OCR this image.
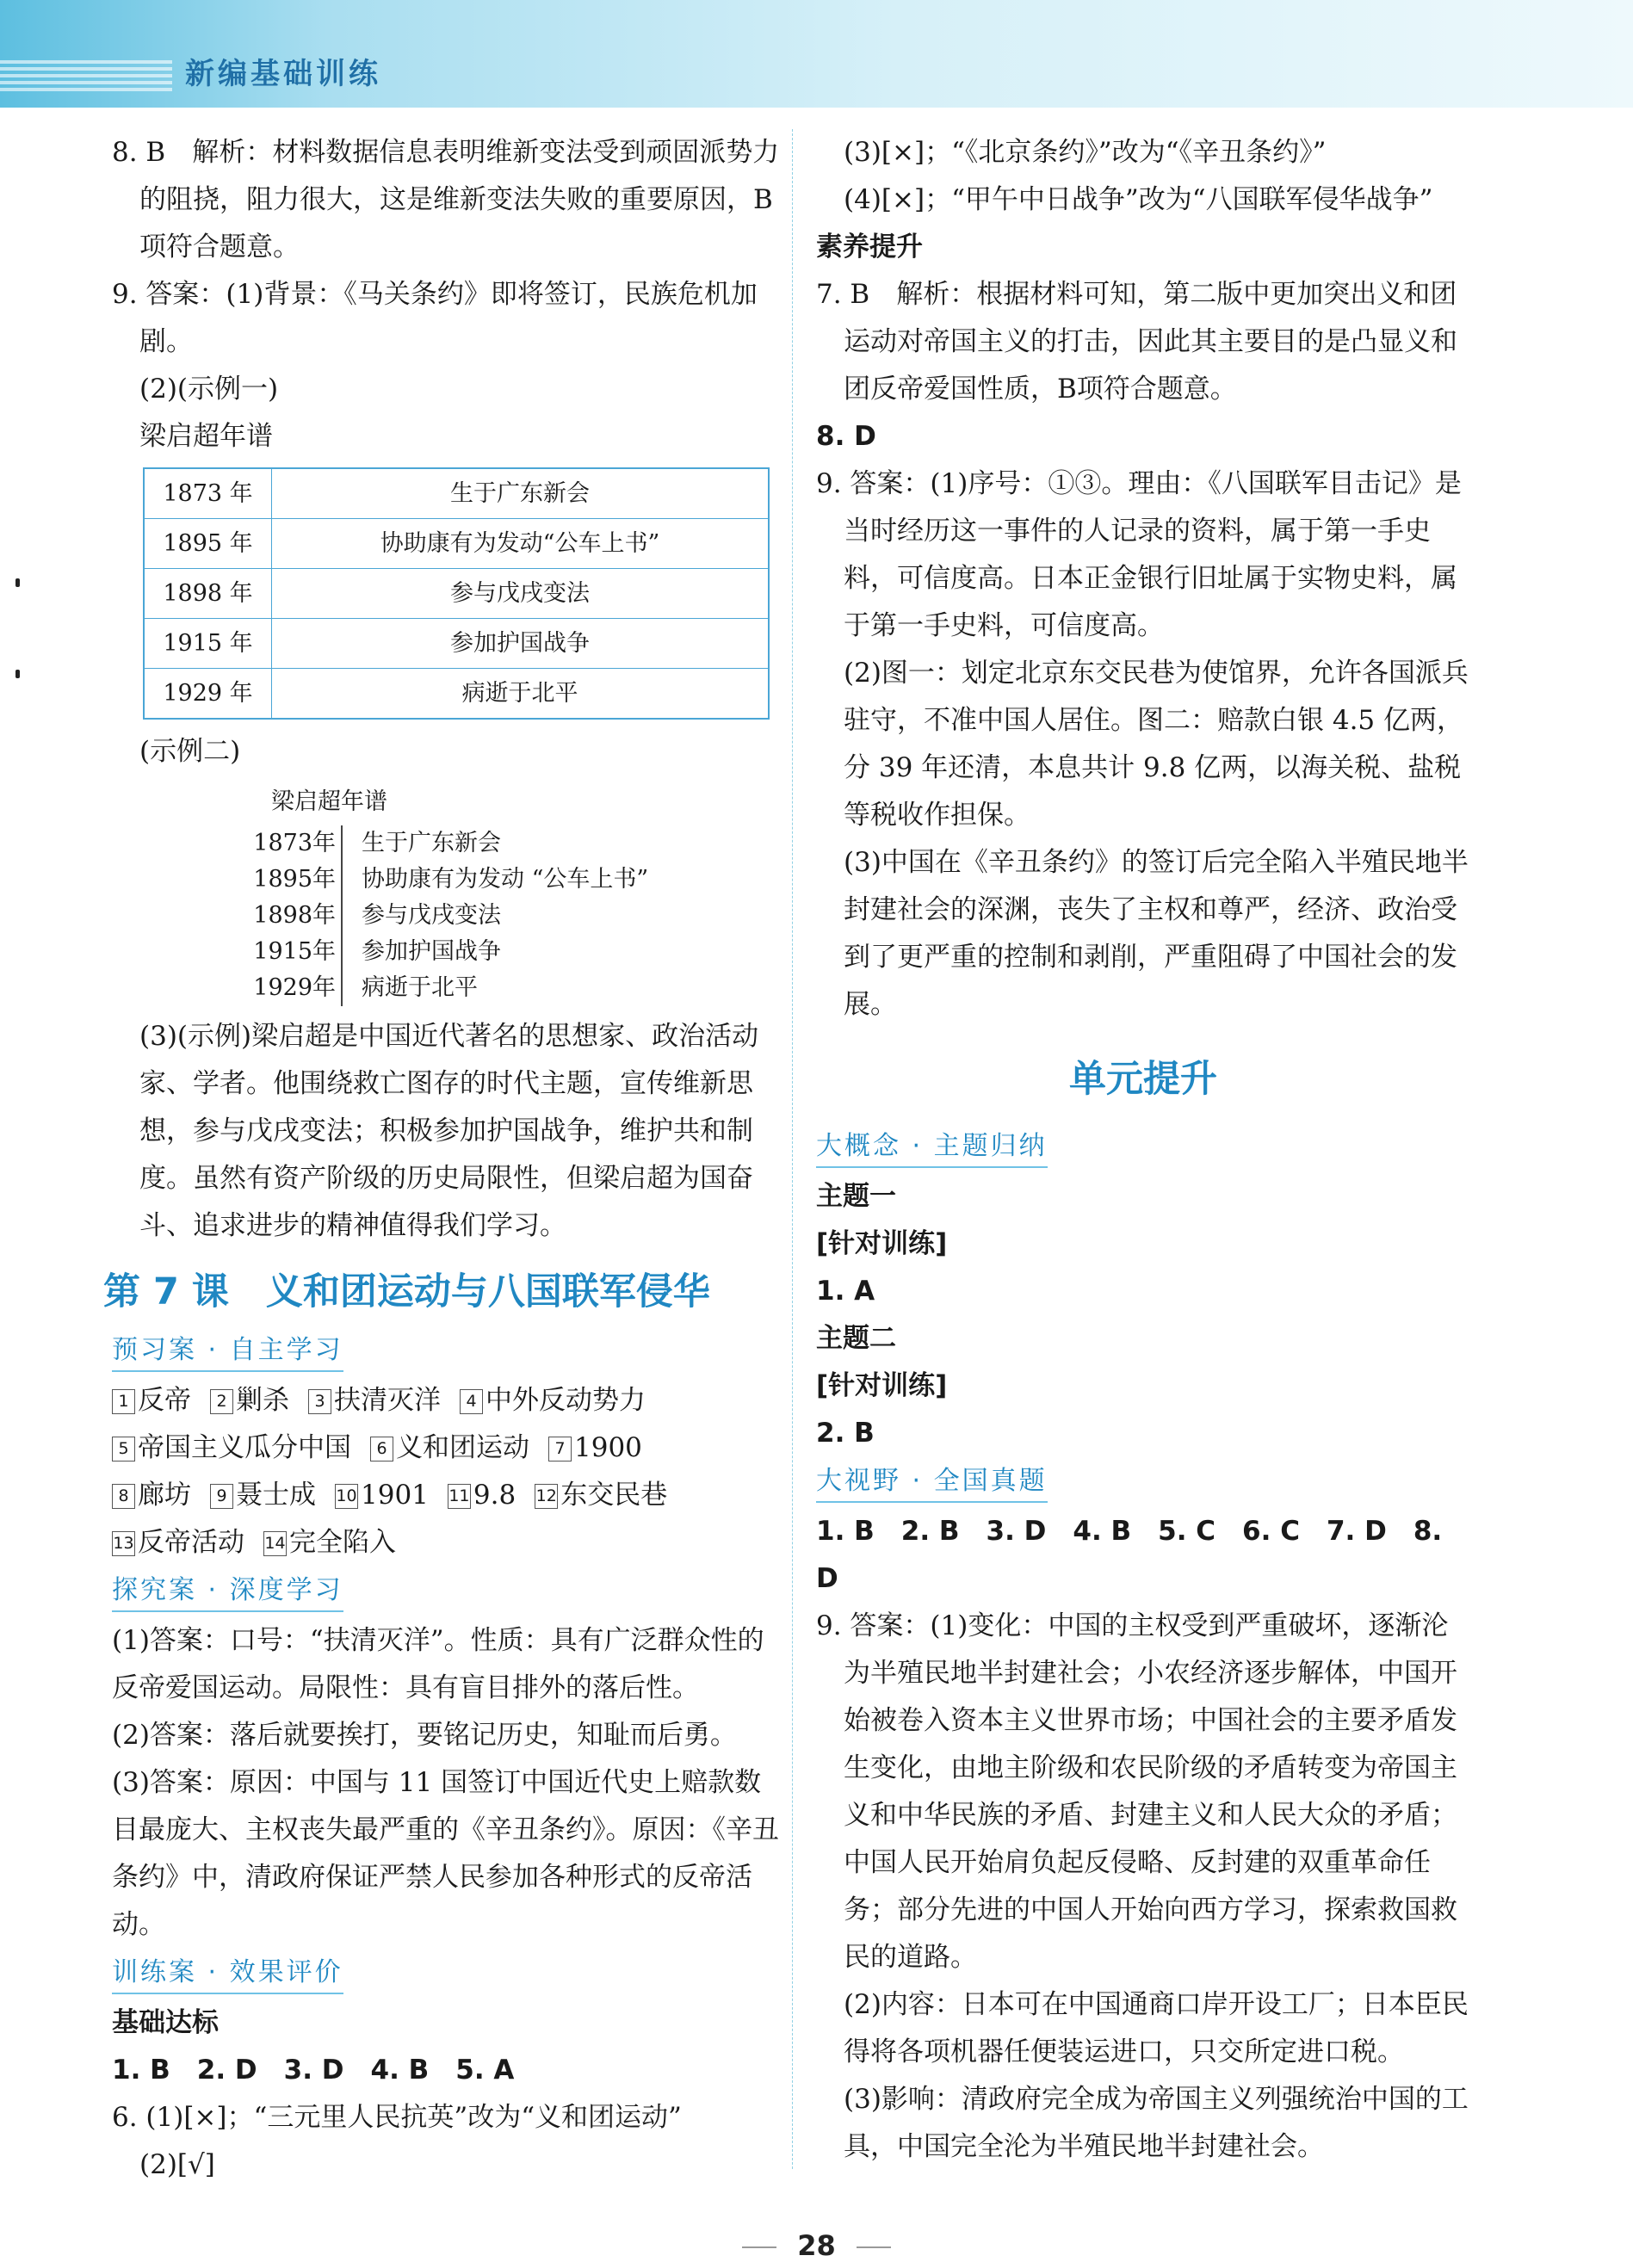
新编基础训练

8. B　解析：材料数据信息表明维新变法受到顽固派势力的阻挠，阻力很大，这是维新变法失败的重要原因，B项符合题意。

9. 答案：(1)背景：《马关条约》即将签订，民族危机加剧。

(2)(示例一)

梁启超年谱

1873 年	生于广东新会
1895 年	协助康有为发动“公车上书”
1898 年	参与戊戌变法
1915 年	参加护国战争
1929 年	病逝于北平

(示例二)

梁启超年谱
1873年	生于广东新会
1895年	协助康有为发动 “公车上书”
1898年	参与戊戌变法
1915年	参加护国战争
1929年	病逝于北平

(3)(示例)梁启超是中国近代著名的思想家、政治活动家、学者。他围绕救亡图存的时代主题，宣传维新思想，参与戊戌变法；积极参加护国战争，维护共和制度。虽然有资产阶级的历史局限性，但梁启超为国奋斗、追求进步的精神值得我们学习。

第 7 课　义和团运动与八国联军侵华
预习案 · 自主学习

1 反帝 2 剿杀 3 扶清灭洋 4 中外反动势力

5 帝国主义瓜分中国 6 义和团运动 7 1900

8 廊坊 9 聂士成 10 1901 11 9.8 12 东交民巷

13 反帝活动 14 完全陷入

探究案 · 深度学习

(1)答案：口号：“扶清灭洋”。性质：具有广泛群众性的反帝爱国运动。局限性：具有盲目排外的落后性。

(2)答案：落后就要挨打，要铭记历史，知耻而后勇。

(3)答案：原因：中国与 11 国签订中国近代史上赔款数目最庞大、主权丧失最严重的《辛丑条约》。原因：《辛丑条约》中，清政府保证严禁人民参加各种形式的反帝活动。

训练案 · 效果评价

基础达标

1. B　2. D　3. D　4. B　5. A

6. (1)[×]；“三元里人民抗英”改为“义和团运动”

(2)[√]

(3)[×]；“《北京条约》”改为“《辛丑条约》”

(4)[×]；“甲午中日战争”改为“八国联军侵华战争”

素养提升

7. B　解析：根据材料可知，第二版中更加突出义和团运动对帝国主义的打击，因此其主要目的是凸显义和团反帝爱国性质，B项符合题意。

8. D

9. 答案：(1)序号：①③。理由：《八国联军目击记》是当时经历这一事件的人记录的资料，属于第一手史料，可信度高。日本正金银行旧址属于实物史料，属于第一手史料，可信度高。

(2)图一：划定北京东交民巷为使馆界，允许各国派兵驻守，不准中国人居住。图二：赔款白银 4.5 亿两，分 39 年还清，本息共计 9.8 亿两，以海关税、盐税等税收作担保。

(3)中国在《辛丑条约》的签订后完全陷入半殖民地半封建社会的深渊，丧失了主权和尊严，经济、政治受到了更严重的控制和剥削，严重阻碍了中国社会的发展。

单元提升
大概念 · 主题归纳

主题一

[针对训练]

1. A

主题二

[针对训练]

2. B

大视野 · 全国真题

1. B　2. B　3. D　4. B　5. C　6. C　7. D　8. D

9. 答案：(1)变化：中国的主权受到严重破坏，逐渐沦为半殖民地半封建社会；小农经济逐步解体，中国开始被卷入资本主义世界市场；中国社会的主要矛盾发生变化，由地主阶级和农民阶级的矛盾转变为帝国主义和中华民族的矛盾、封建主义和人民大众的矛盾；中国人民开始肩负起反侵略、反封建的双重革命任务；部分先进的中国人开始向西方学习，探索救国救民的道路。

(2)内容：日本可在中国通商口岸开设工厂；日本臣民得将各项机器任便装运进口，只交所定进口税。

(3)影响：清政府完全成为帝国主义列强统治中国的工具，中国完全沦为半殖民地半封建社会。

28
